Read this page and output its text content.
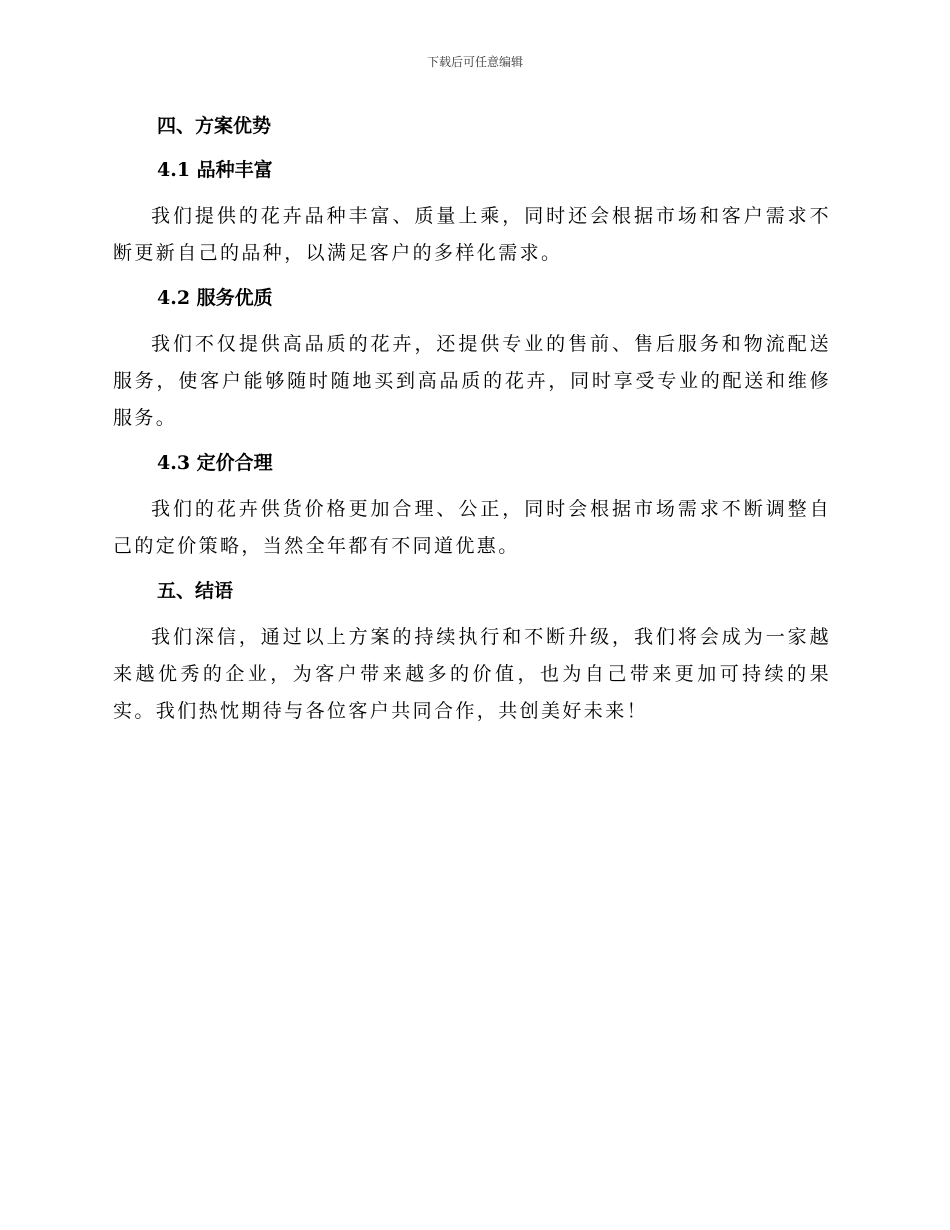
下载后可任意编辑
四、方案优势
4.1 品种丰富

我们提供的花卉品种丰富、质量上乘，同时还会根据市场和客户需求不断更新自己的品种，以满足客户的多样化需求。

4.2 服务优质

我们不仅提供高品质的花卉，还提供专业的售前、售后服务和物流配送服务，使客户能够随时随地买到高品质的花卉，同时享受专业的配送和维修服务。

4.3 定价合理

我们的花卉供货价格更加合理、公正，同时会根据市场需求不断调整自己的定价策略，当然全年都有不同道优惠。

五、结语

我们深信，通过以上方案的持续执行和不断升级，我们将会成为一家越来越优秀的企业，为客户带来越多的价值，也为自己带来更加可持续的果实。我们热忱期待与各位客户共同合作，共创美好未来！
